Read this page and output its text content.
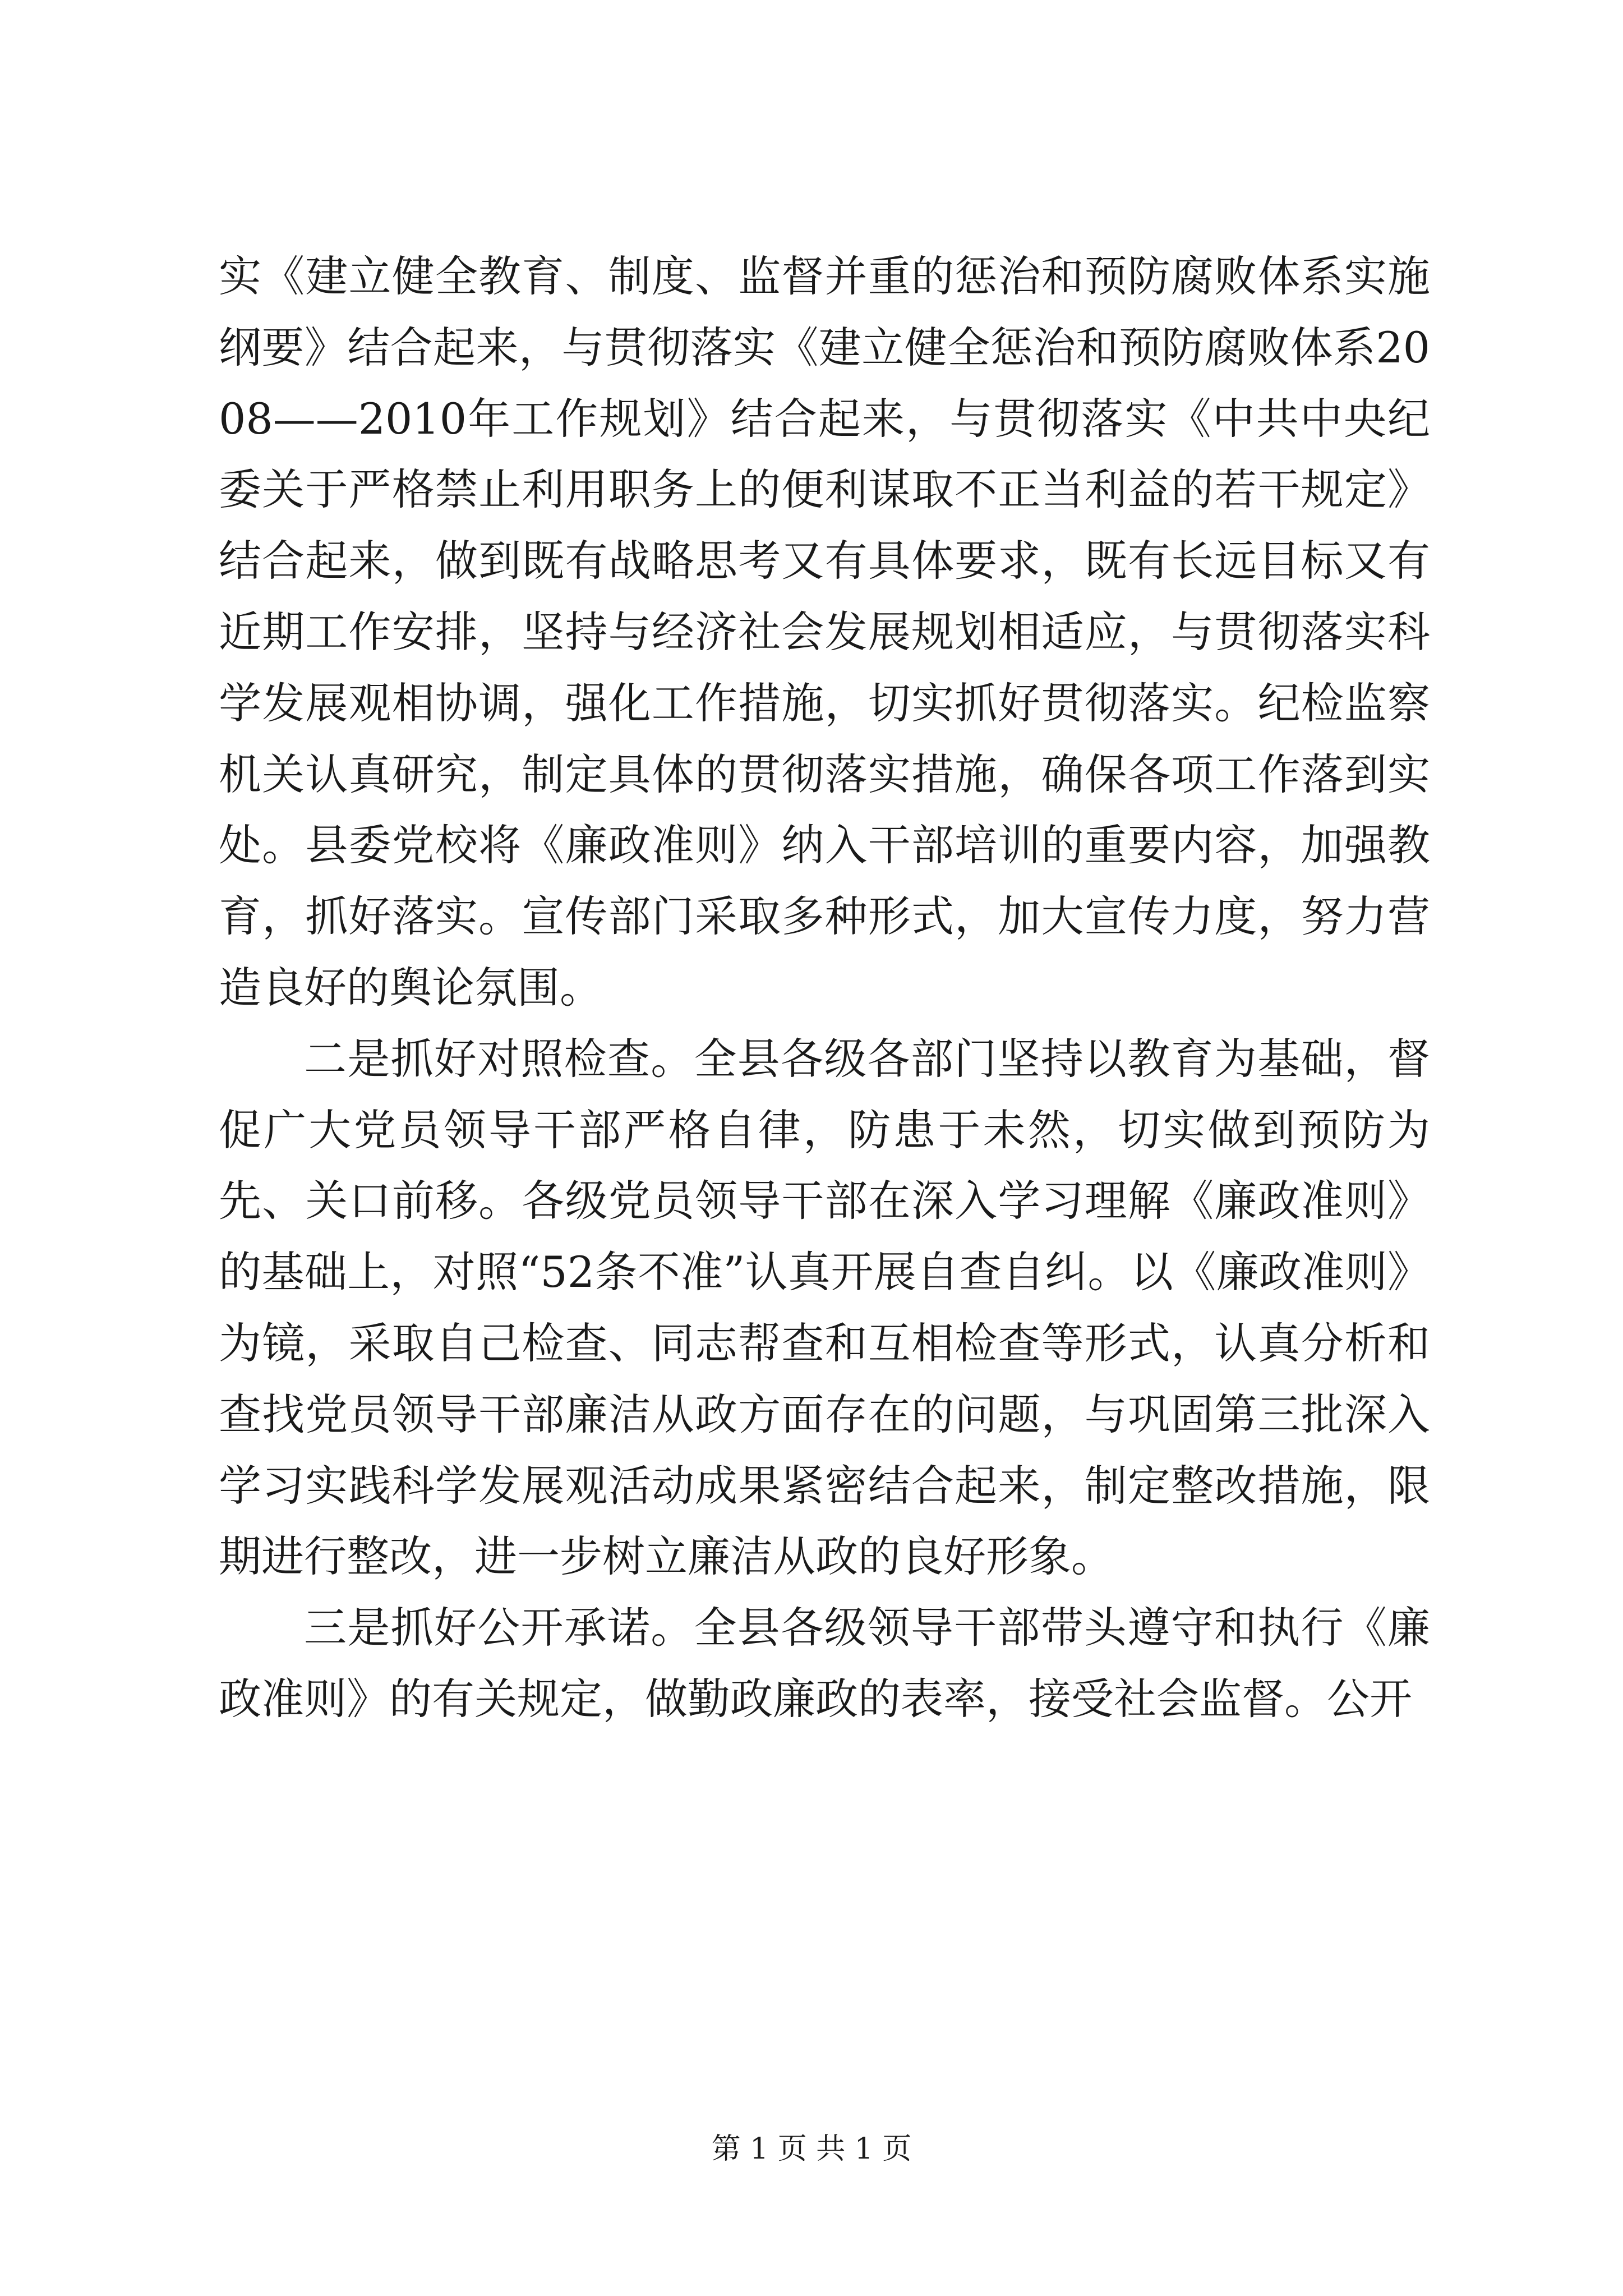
实《建立健全教育、制度、监督并重的惩治和预防腐败体系实施纲要》结合起来，与贯彻落实《建立健全惩治和预防腐败体系2008——2010年工作规划》结合起来，与贯彻落实《中共中央纪委关于严格禁止利用职务上的便利谋取不正当利益的若干规定》结合起来，做到既有战略思考又有具体要求，既有长远目标又有近期工作安排，坚持与经济社会发展规划相适应，与贯彻落实科学发展观相协调，强化工作措施，切实抓好贯彻落实。纪检监察机关认真研究，制定具体的贯彻落实措施，确保各项工作落到实处。县委党校将《廉政准则》纳入干部培训的重要内容，加强教育，抓好落实。宣传部门采取多种形式，加大宣传力度，努力营造良好的舆论氛围。

二是抓好对照检查。全县各级各部门坚持以教育为基础，督促广大党员领导干部严格自律，防患于未然，切实做到预防为先、关口前移。各级党员领导干部在深入学习理解《廉政准则》的基础上，对照“52条不准”认真开展自查自纠。以《廉政准则》为镜，采取自己检查、同志帮查和互相检查等形式，认真分析和查找党员领导干部廉洁从政方面存在的问题，与巩固第三批深入学习实践科学发展观活动成果紧密结合起来，制定整改措施，限期进行整改，进一步树立廉洁从政的良好形象。

三是抓好公开承诺。全县各级领导干部带头遵守和执行《廉政准则》的有关规定，做勤政廉政的表率，接受社会监督。公开

第 1 页 共 1 页
